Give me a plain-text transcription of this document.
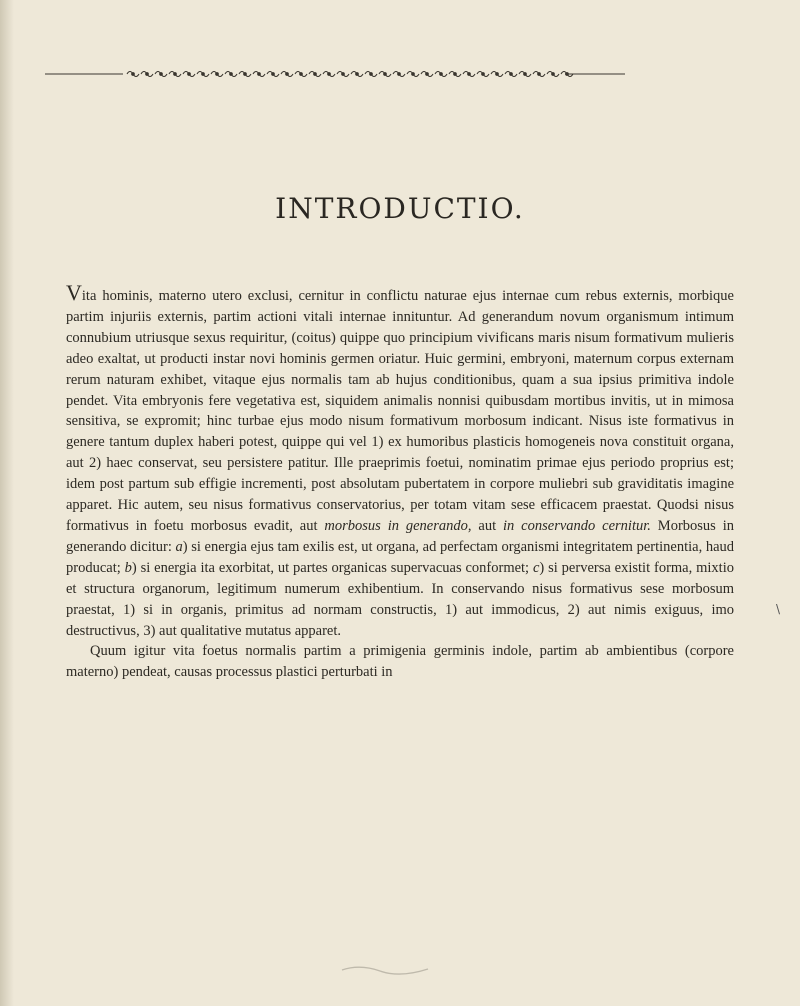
INTRODUCTIO.

Vita hominis, materno utero exclusi, cernitur in conflictu naturae ejus internae cum rebus externis, morbique partim injuriis externis, partim actioni vitali internae innituntur. Ad generandum novum organismum intimum connubium utriusque sexus requiritur, (coitus) quippe quo principium vivificans maris nisum formativum mulieris adeo exaltat, ut producti instar novi hominis germen oriatur. Huic germini, embryoni, maternum corpus externam rerum naturam exhibet, vitaque ejus normalis tam ab hujus conditionibus, quam a sua ipsius primitiva indole pendet. Vita embryonis fere vegetativa est, siquidem animalis nonnisi quibusdam mortibus invitis, ut in mimosa sensitiva, se expromit; hinc turbae ejus modo nisum formativum morbosum indicant. Nisus iste formativus in genere tantum duplex haberi potest, quippe qui vel 1) ex humoribus plasticis homogeneis nova constituit organa, aut 2) haec conservat, seu persistere patitur. Ille praeprimis foetui, nominatim primae ejus periodo proprius est; idem post partum sub effigie incrementi, post absolutam pubertatem in corpore muliebri sub graviditatis imagine apparet. Hic autem, seu nisus formativus conservatorius, per totam vitam sese efficacem praestat. Quodsi nisus formativus in foetu morbosus evadit, aut morbosus in generando, aut in conservando cernitur. Morbosus in generando dicitur: a) si energia ejus tam exilis est, ut organa, ad perfectam organismi integritatem pertinentia, haud producat; b) si energia ita exorbitat, ut partes organicas supervacuas conformet; c) si perversa existit forma, mixtio et structura organorum, legitimum numerum exhibentium. In conservando nisus formativus sese morbosum praestat, 1) si in organis, primitus ad normam constructis, 1) aut immodicus, 2) aut nimis exiguus, imo destructivus, 3) aut qualitative mutatus apparet.

Quum igitur vita foetus normalis partim a primigenia germinis indole, partim ab ambientibus (corpore materno) pendeat, causas processus plastici perturbati in

\
